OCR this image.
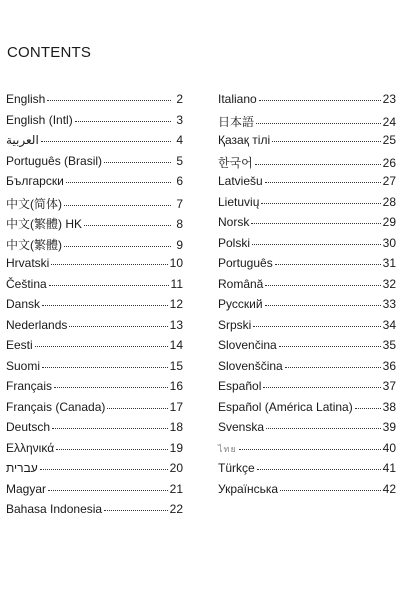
CONTENTS
English	2
English (Intl)	3
العربية	4
Português (Brasil)	5
Български	6
中文(简体)	7
中文(繁體) HK	8
中文(繁體)	9
Hrvatski	10
Čeština	11
Dansk	12
Nederlands	13
Eesti	14
Suomi	15
Français	16
Français (Canada)	17
Deutsch	18
Ελληνικά	19
עברית	20
Magyar	21
Bahasa Indonesia	22
Italiano	23
日本語	24
Қазақ тілі	25
한국어	26
Latviešu	27
Lietuvių	28
Norsk	29
Polski	30
Português	31
Română	32
Русский	33
Srpski	34
Slovenčina	35
Slovenščina	36
Español	37
Español (América Latina) 38
Svenska	39
ไทย	40
Türkçe	41
Українська	42
